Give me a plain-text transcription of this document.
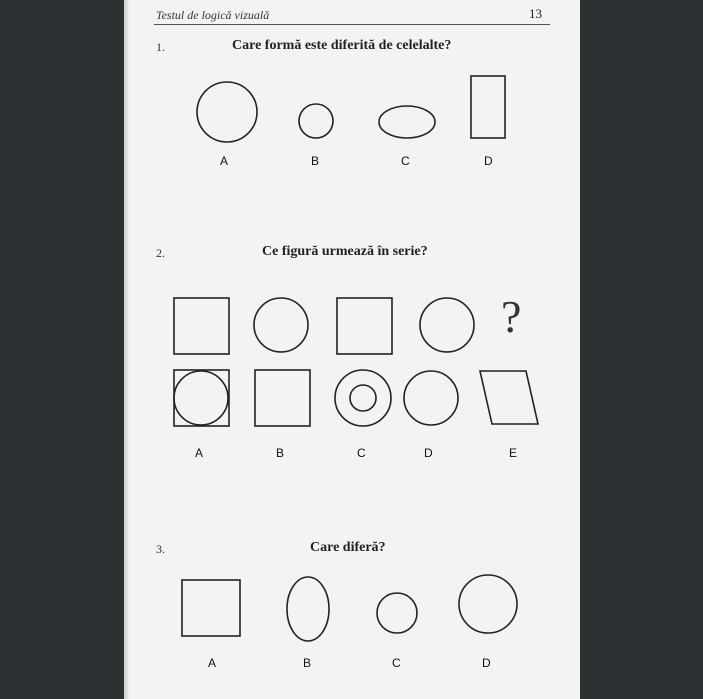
Testul de logică vizuală	13
1.	Care formă este diferită de celelalte?
2.	Ce figură urmează în serie?
3.	Care diferă?
?
A	B	C	D
A	B	C	D	E
A	B	C	D
